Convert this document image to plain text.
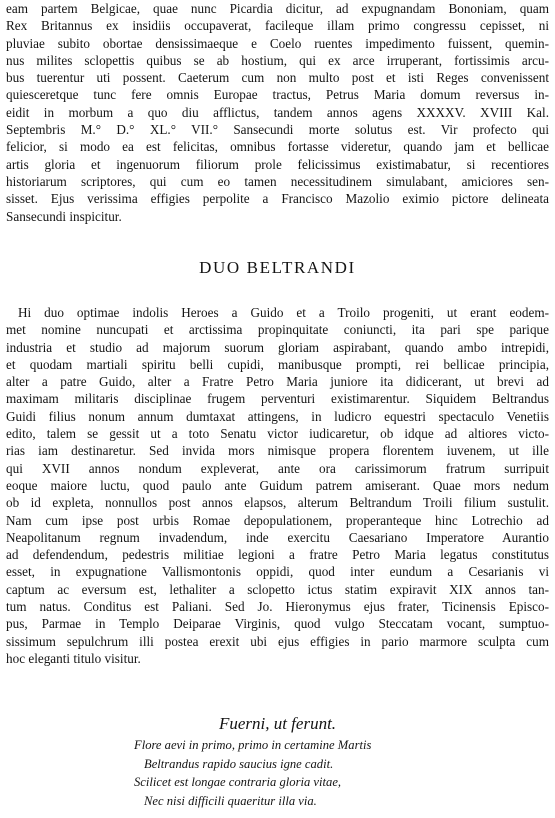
eam partem Belgicae, quae nunc Picardia dicitur, ad expugnandam Bononiam, quam
Rex Britannus ex insidiis occupaverat, facileque illam primo congressu cepisset, ni
pluviae subito obortae densissimaeque e Coelo ruentes impedimento fuissent, quemin-
nus milites sclopettis quibus se ab hostium, qui ex arce irruperant, fortissimis arcu-
bus tuerentur uti possent. Caeterum cum non multo post et isti Reges convenissent
quiesceretque tunc fere omnis Europae tractus, Petrus Maria domum reversus in-
eidit in morbum a quo diu afflictus, tandem annos agens XXXXV. XVIII Kal.
Septembris M.° D.° XL.° VII.° Sansecundi morte solutus est. Vir profecto qui
felicior, si modo ea est felicitas, omnibus fortasse videretur, quando jam et bellicae
artis gloria et ingenuorum filiorum prole felicissimus existimabatur, si recentiores
historiarum scriptores, qui cum eo tamen necessitudinem simulabant, amiciores sen-
sisset. Ejus verissima effigies perpolite a Francisco Mazolio eximio pictore delineata
Sansecundi inspicitur.
DUO BELTRANDI
Hi duo optimae indolis Heroes a Guido et a Troilo progeniti, ut erant eodem-
met nomine nuncupati et arctissima propinquitate coniuncti, ita pari spe parique
industria et studio ad majorum suorum gloriam aspirabant, quando ambo intrepidi,
et quodam martiali spiritu belli cupidi, manibusque prompti, rei bellicae principia,
alter a patre Guido, alter a Fratre Petro Maria juniore ita didicerant, ut brevi ad
maximam militaris disciplinae frugem perventuri existimarentur. Siquidem Beltrandus
Guidi filius nonum annum dumtaxat attingens, in ludicro equestri spectaculo Venetiis
edito, talem se gessit ut a toto Senatu victor iudicaretur, ob idque ad altiores victo-
rias iam destinaretur. Sed invida mors nimisque propera florentem iuvenem, ut ille
qui XVII annos nondum expleverat, ante ora carissimorum fratrum surripuit
eoque maiore luctu, quod paulo ante Guidum patrem amiserant. Quae mors nedum
ob id expleta, nonnullos post annos elapsos, alterum Beltrandum Troili filium sustulit.
Nam cum ipse post urbis Romae depopulationem, properanteque hinc Lotrechio ad
Neapolitanum regnum invadendum, inde exercitu Caesariano Imperatore Aurantio
ad defendendum, pedestris militiae legioni a fratre Petro Maria legatus constitutus
esset, in expugnatione Vallismontonis oppidi, quod inter eundum a Cesarianis vi
captum ac eversum est, lethaliter a sclopetto ictus statim expiravit XIX annos tan-
tum natus. Conditus est Paliani. Sed Jo. Hieronymus ejus frater, Ticinensis Episco-
pus, Parmae in Templo Deiparae Virginis, quod vulgo Steccatam vocant, sumptuo-
sissimum sepulchrum illi postea erexit ubi ejus effigies in pario marmore sculpta cum
hoc eleganti titulo visitur.
Fuerni, ut ferunt.
Flore aevi in primo, primo in certamine Martis
Beltrandus rapido saucius igne cadit.
Scilicet est longae contraria gloria vitae,
Nec nisi difficili quaeritur illa via.
